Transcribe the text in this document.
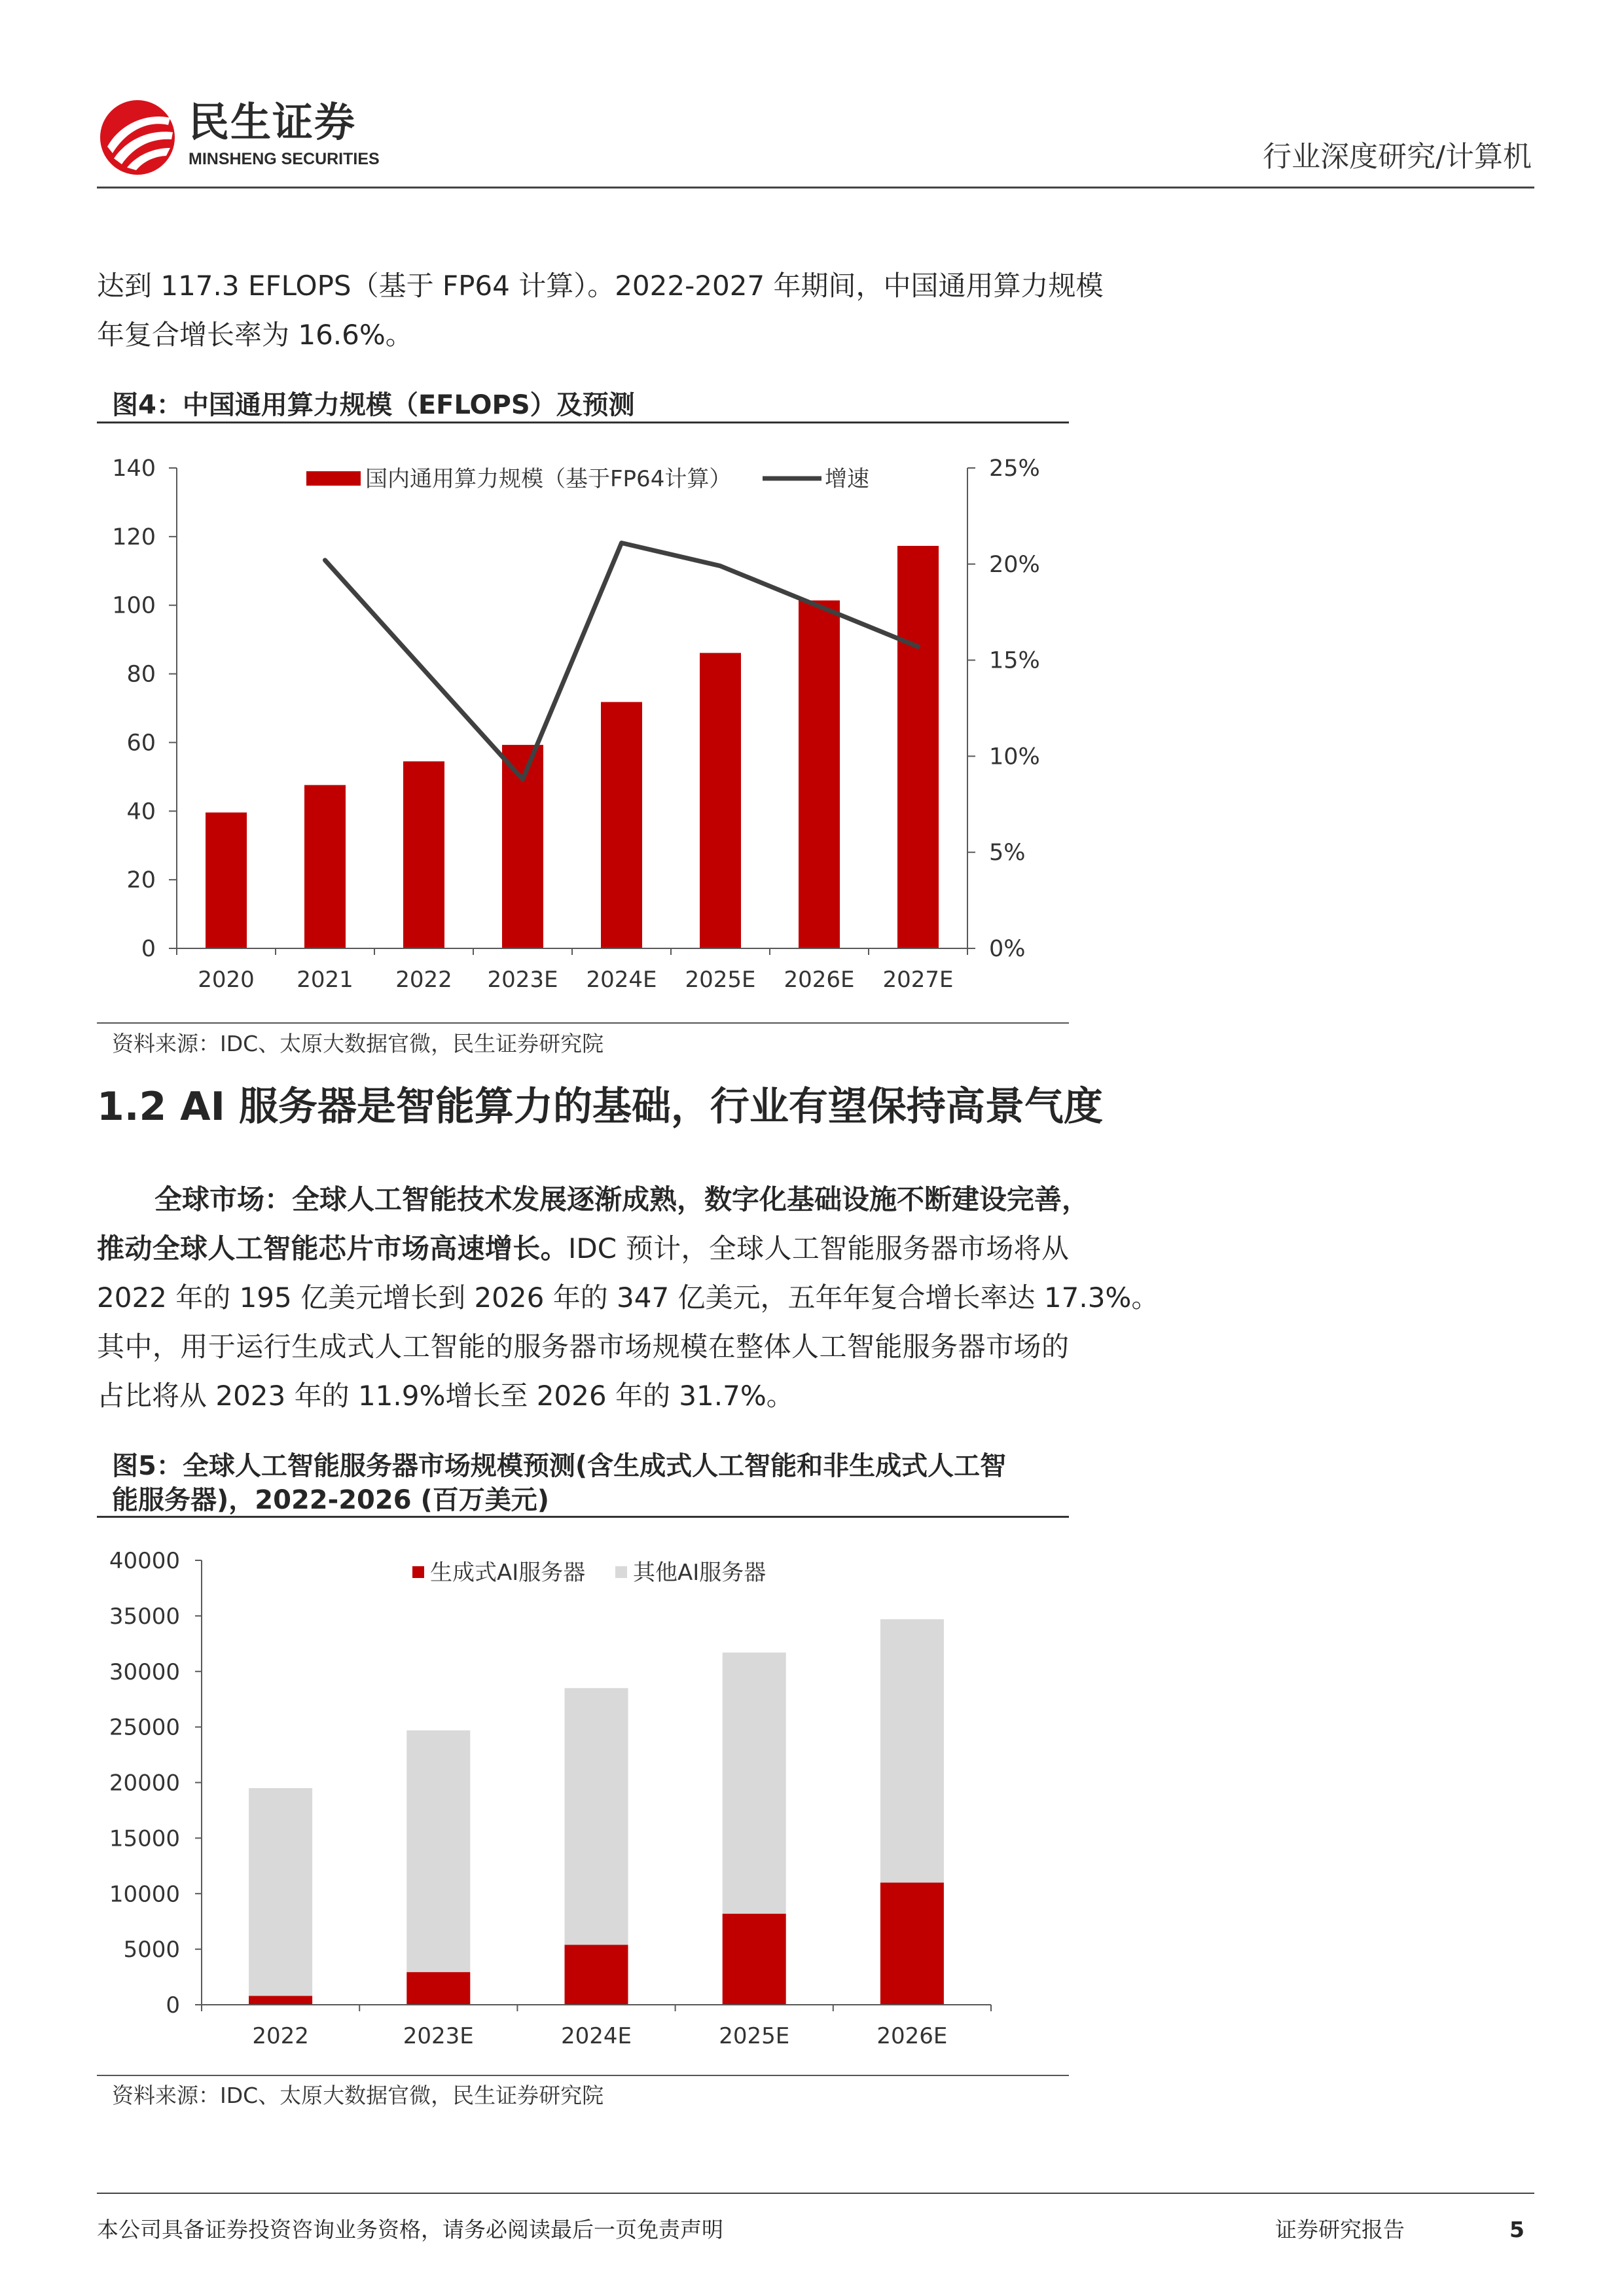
民生证券
MINSHENG SECURITIES	行业深度研究/计算机
达到 117.3 EFLOPS（基于 FP64 计算）。2022-2027 年期间，中国通用算力规模
年复合增长率为 16.6%。
图4：中国通用算力规模（EFLOPS）及预测
0
20
40
60
80
100
120
140
0%
5%
10%
15%
20%
25%
2020 2021 2022 2023E 2024E 2025E 2026E 2027E
国内通用算力规模（基于FP64计算）	增速
资料来源：IDC、太原大数据官微，民生证券研究院
1.2 AI 服务器是智能算力的基础，行业有望保持高景气度
全球市场：全球人工智能技术发展逐渐成熟，数字化基础设施不断建设完善，
推动全球人工智能芯片市场高速增长。IDC 预计，全球人工智能服务器市场将从
2022 年的 195 亿美元增长到 2026 年的 347 亿美元，五年年复合增长率达 17.3%。
其中，用于运行生成式人工智能的服务器市场规模在整体人工智能服务器市场的
占比将从 2023 年的 11.9%增长至 2026 年的 31.7%。
图5：全球人工智能服务器市场规模预测(含生成式人工智能和非生成式人工智
能服务器)，2022-2026 (百万美元)
2022	2023E	2024E	2025E	2026E
0
5000
10000
15000
20000
25000
30000
35000
40000	生成式AI服务器 其他AI服务器
资料来源：IDC、太原大数据官微，民生证券研究院
本公司具备证券投资咨询业务资格，请务必阅读最后一页免责声明	证券研究报告	5
